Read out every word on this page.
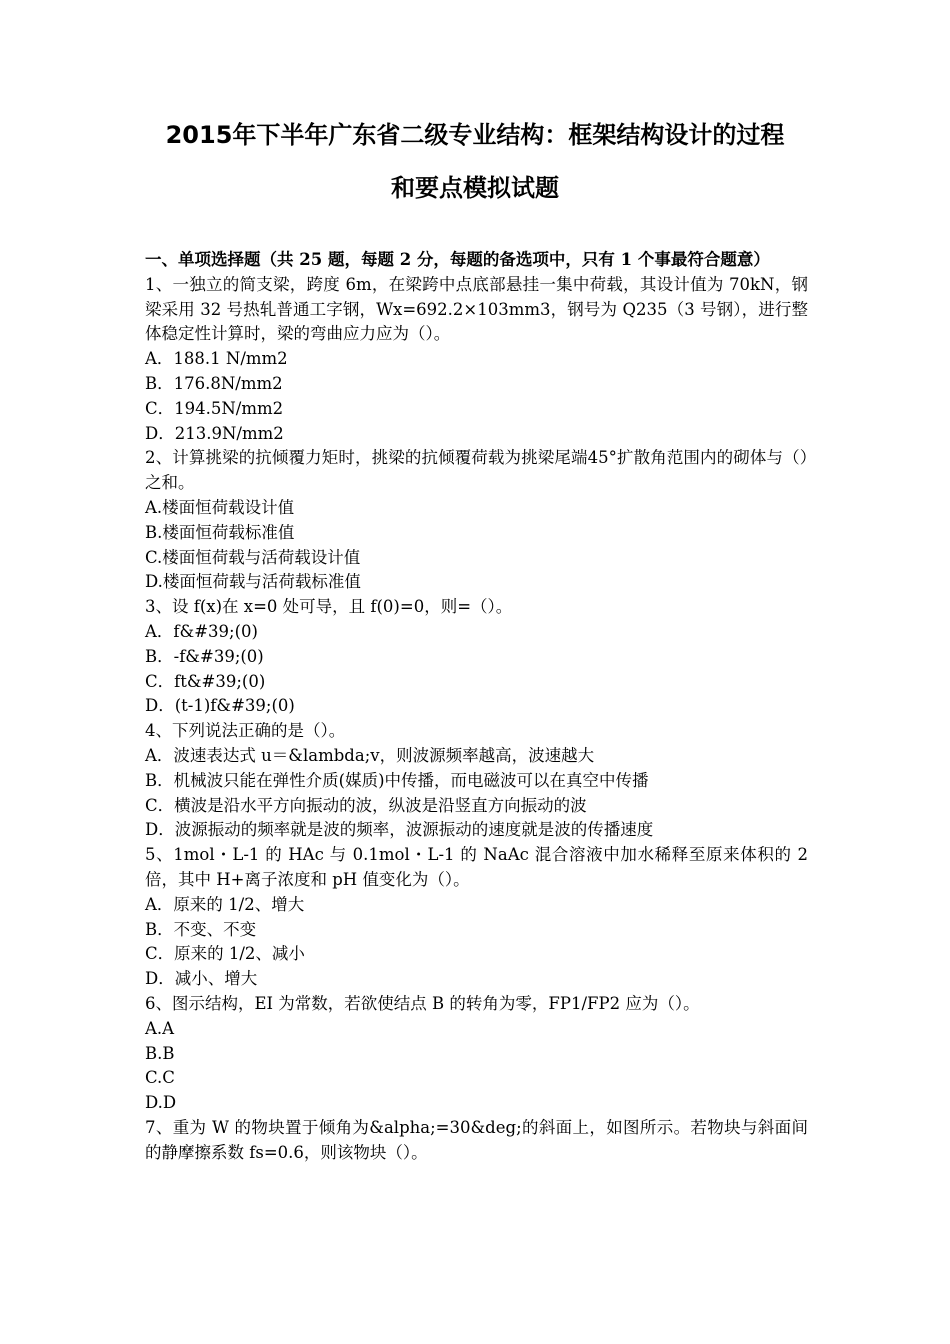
2015年下半年广东省二级专业结构：框架结构设计的过程
和要点模拟试题

一、单项选择题（共 25 题，每题 2 分，每题的备选项中，只有 1 个事最符合题意）

1、一独立的简支梁，跨度 6m，在梁跨中点底部悬挂一集中荷载，其设计值为 70kN，钢梁采用 32 号热轧普通工字钢，Wx=692.2×103mm3，钢号为 Q235（3 号钢），进行整体稳定性计算时，梁的弯曲应力应为（）。

A．188.1 N/mm2

B．176.8N/mm2

C．194.5N/mm2

D．213.9N/mm2

2、计算挑梁的抗倾覆力矩时，挑梁的抗倾覆荷载为挑梁尾端45°扩散角范围内的砌体与（）之和。

A.楼面恒荷载设计值

B.楼面恒荷载标准值

C.楼面恒荷载与活荷载设计值

D.楼面恒荷载与活荷载标准值

3、设 f(x)在 x=0 处可导，且 f(0)=0，则=（）。

A．f&#39;(0)

B．-f&#39;(0)

C．ft&#39;(0)

D．(t-1)f&#39;(0)

4、下列说法正确的是（）。

A．波速表达式 u＝&lambda;v，则波源频率越高，波速越大

B．机械波只能在弹性介质(媒质)中传播，而电磁波可以在真空中传播

C．横波是沿水平方向振动的波，纵波是沿竖直方向振动的波

D．波源振动的频率就是波的频率，波源振动的速度就是波的传播速度

5、1mol・L-1 的 HAc 与 0.1mol・L-1 的 NaAc 混合溶液中加水稀释至原来体积的 2 倍，其中 H+离子浓度和 pH 值变化为（）。

A．原来的 1/2、增大

B．不变、不变

C．原来的 1/2、减小

D．减小、增大

6、图示结构，EI 为常数，若欲使结点 B 的转角为零，FP1/FP2 应为（）。

A.A

B.B

C.C

D.D

7、重为 W 的物块置于倾角为&alpha;=30&deg;的斜面上，如图所示。若物块与斜面间的静摩擦系数 fs=0.6，则该物块（）。
